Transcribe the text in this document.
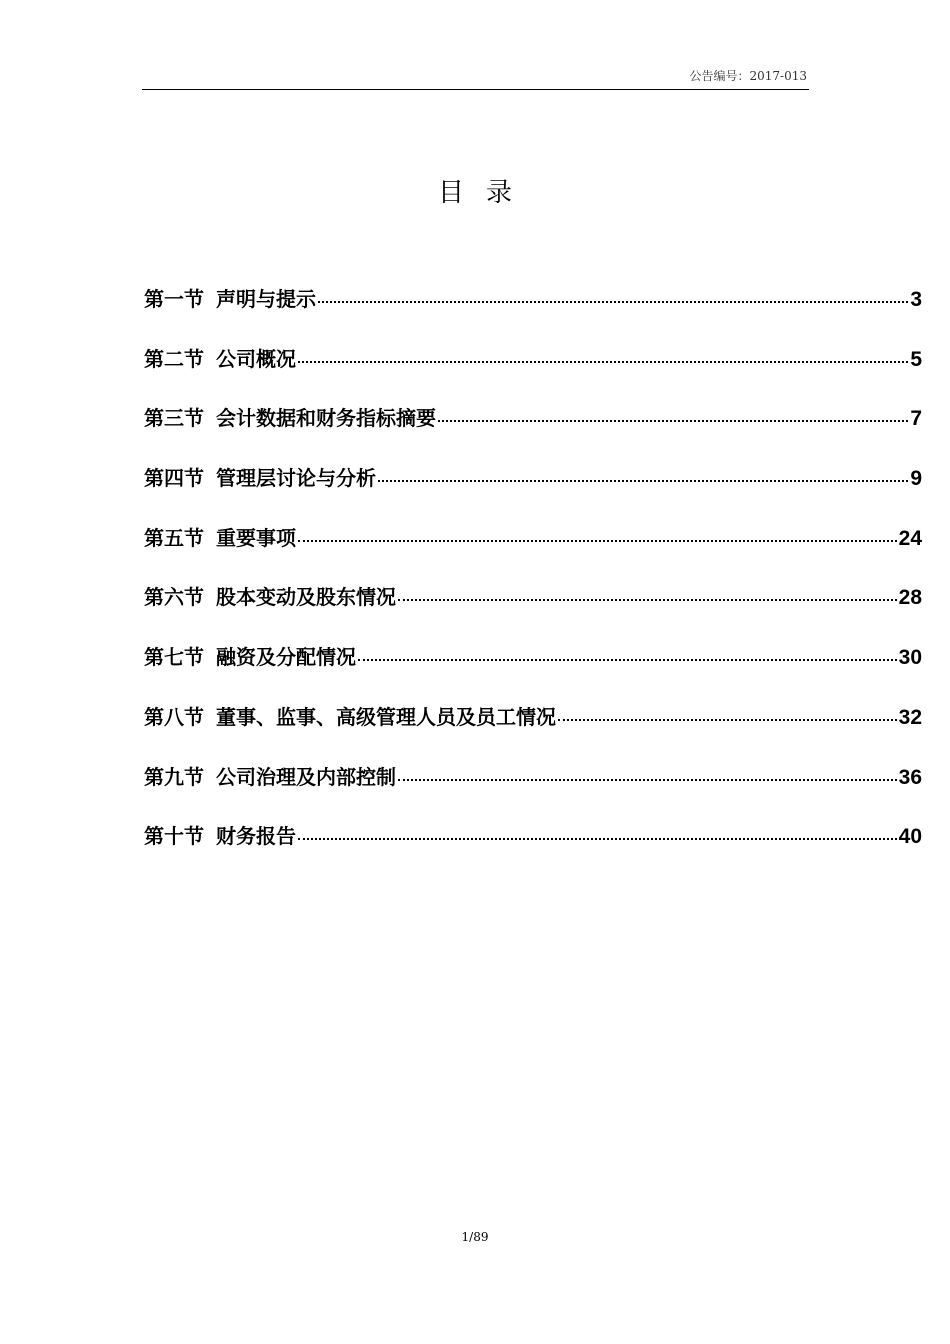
公告编号：2017-013
目录
第一节 声明与提示	3
第二节 公司概况	5
第三节 会计数据和财务指标摘要	7
第四节 管理层讨论与分析	9
第五节 重要事项	24
第六节 股本变动及股东情况	28
第七节 融资及分配情况	30
第八节 董事、监事、高级管理人员及员工情况	32
第九节 公司治理及内部控制	36
第十节 财务报告	40
1/89
